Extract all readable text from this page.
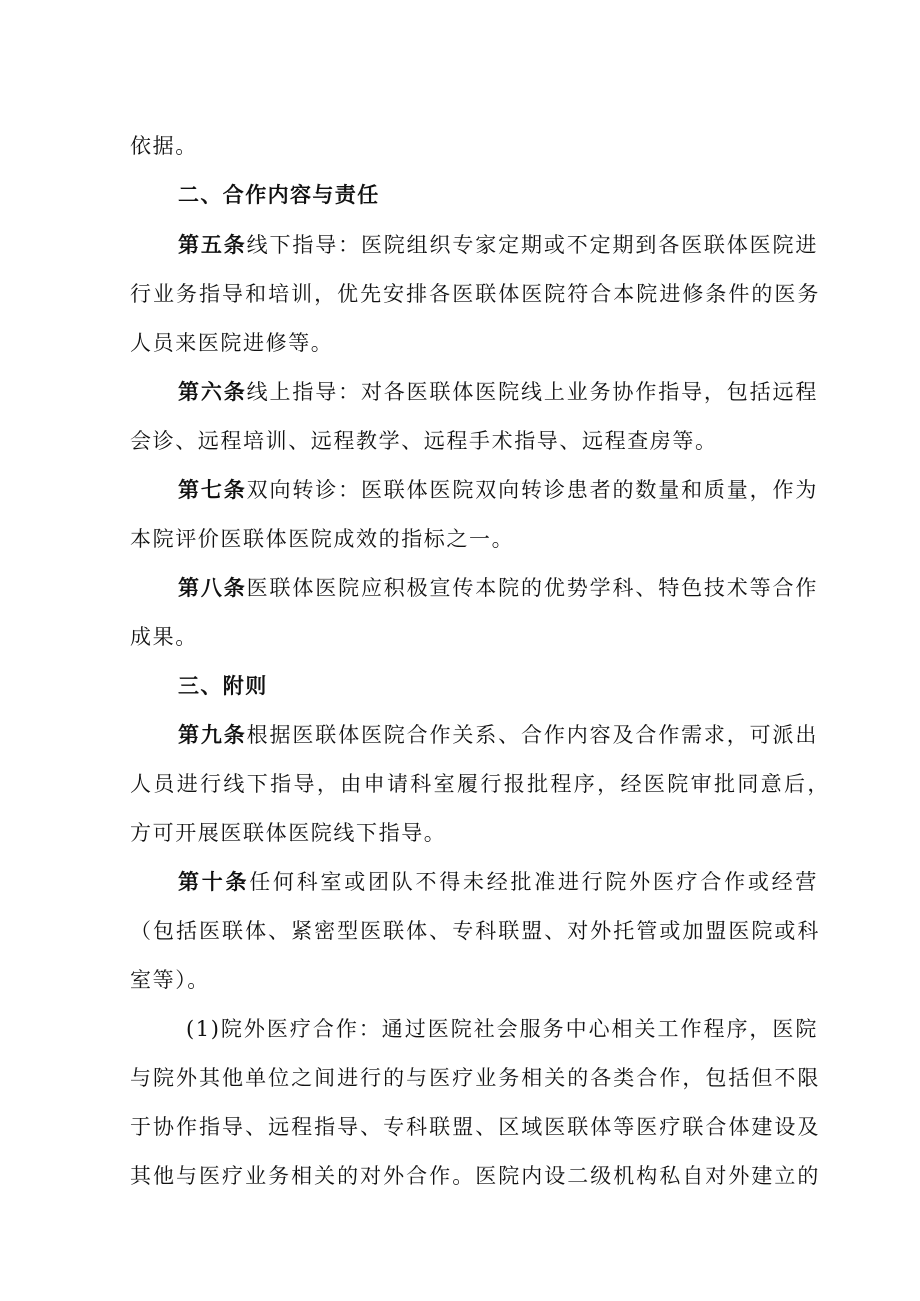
依据。
二、合作内容与责任
第五条线下指导：医院组织专家定期或不定期到各医联体医院进
行业务指导和培训，优先安排各医联体医院符合本院进修条件的医务
人员来医院进修等。
第六条线上指导：对各医联体医院线上业务协作指导，包括远程
会诊、远程培训、远程教学、远程手术指导、远程查房等。
第七条双向转诊：医联体医院双向转诊患者的数量和质量，作为
本院评价医联体医院成效的指标之一。
第八条医联体医院应积极宣传本院的优势学科、特色技术等合作
成果。
三、附则
第九条根据医联体医院合作关系、合作内容及合作需求，可派出
人员进行线下指导，由申请科室履行报批程序，经医院审批同意后，
方可开展医联体医院线下指导。
第十条任何科室或团队不得未经批准进行院外医疗合作或经营
（包括医联体、紧密型医联体、专科联盟、对外托管或加盟医院或科
室等）。
(1)院外医疗合作：通过医院社会服务中心相关工作程序，医院
与院外其他单位之间进行的与医疗业务相关的各类合作，包括但不限
于协作指导、远程指导、专科联盟、区域医联体等医疗联合体建设及
其他与医疗业务相关的对外合作。医院内设二级机构私自对外建立的
